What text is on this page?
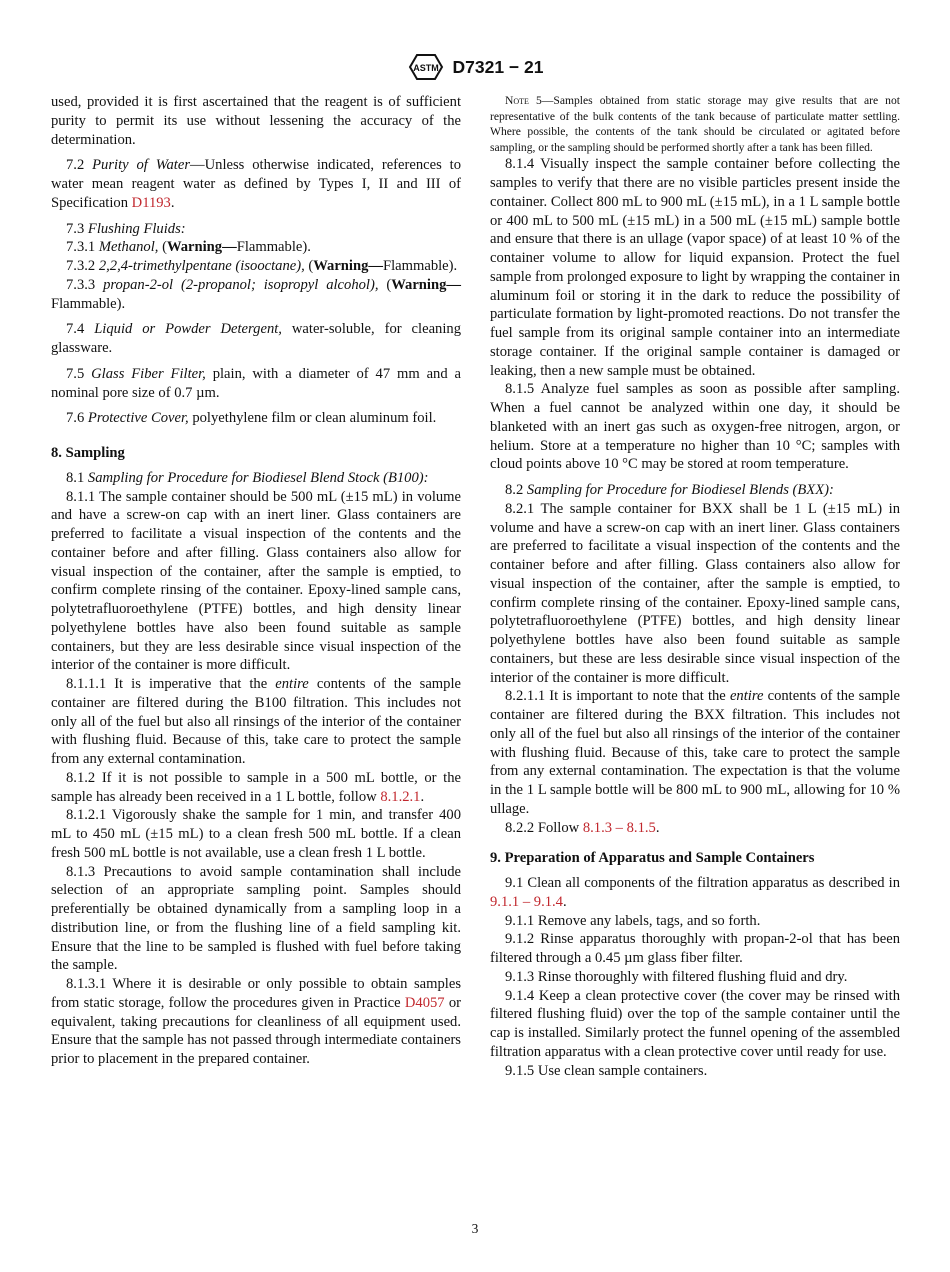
ASTM D7321 − 21

used, provided it is first ascertained that the reagent is of sufficient purity to permit its use without lessening the accuracy of the determination.

7.2 Purity of Water—Unless otherwise indicated, references to water mean reagent water as defined by Types I, II and III of Specification D1193.

7.3 Flushing Fluids:

7.3.1 Methanol, (Warning—Flammable).

7.3.2 2,2,4-trimethylpentane (isooctane), (Warning—Flammable).

7.3.3 propan-2-ol (2-propanol; isopropyl alcohol), (Warning—Flammable).

7.4 Liquid or Powder Detergent, water-soluble, for cleaning glassware.

7.5 Glass Fiber Filter, plain, with a diameter of 47 mm and a nominal pore size of 0.7 µm.

7.6 Protective Cover, polyethylene film or clean aluminum foil.

8. Sampling

8.1 Sampling for Procedure for Biodiesel Blend Stock (B100):

8.1.1 The sample container should be 500 mL (±15 mL) in volume and have a screw-on cap with an inert liner. Glass containers are preferred to facilitate a visual inspection of the contents and the container before and after filling. Glass containers also allow for visual inspection of the container, after the sample is emptied, to confirm complete rinsing of the container. Epoxy-lined sample cans, polytetrafluoroethylene (PTFE) bottles, and high density linear polyethylene bottles have also been found suitable as sample containers, but they are less desirable since visual inspection of the interior of the container is more difficult.

8.1.1.1 It is imperative that the entire contents of the sample container are filtered during the B100 filtration. This includes not only all of the fuel but also all rinsings of the interior of the container with flushing fluid. Because of this, take care to protect the sample from any external contamination.

8.1.2 If it is not possible to sample in a 500 mL bottle, or the sample has already been received in a 1 L bottle, follow 8.1.2.1.

8.1.2.1 Vigorously shake the sample for 1 min, and transfer 400 mL to 450 mL (±15 mL) to a clean fresh 500 mL bottle. If a clean fresh 500 mL bottle is not available, use a clean fresh 1 L bottle.

8.1.3 Precautions to avoid sample contamination shall include selection of an appropriate sampling point. Samples should preferentially be obtained dynamically from a sampling loop in a distribution line, or from the flushing line of a field sampling kit. Ensure that the line to be sampled is flushed with fuel before taking the sample.

8.1.3.1 Where it is desirable or only possible to obtain samples from static storage, follow the procedures given in Practice D4057 or equivalent, taking precautions for cleanliness of all equipment used. Ensure that the sample has not passed through intermediate containers prior to placement in the prepared container.

Note 5—Samples obtained from static storage may give results that are not representative of the bulk contents of the tank because of particulate matter settling. Where possible, the contents of the tank should be circulated or agitated before sampling, or the sampling should be performed shortly after a tank has been filled.

8.1.4 Visually inspect the sample container before collecting the samples to verify that there are no visible particles present inside the container. Collect 800 mL to 900 mL (±15 mL), in a 1 L sample bottle or 400 mL to 500 mL (±15 mL) in a 500 mL (±15 mL) sample bottle and ensure that there is an ullage (vapor space) of at least 10 % of the container volume to allow for liquid expansion. Protect the fuel sample from prolonged exposure to light by wrapping the container in aluminum foil or storing it in the dark to reduce the possibility of particulate formation by light-promoted reactions. Do not transfer the fuel sample from its original sample container into an intermediate storage container. If the original sample container is damaged or leaking, then a new sample must be obtained.

8.1.5 Analyze fuel samples as soon as possible after sampling. When a fuel cannot be analyzed within one day, it should be blanketed with an inert gas such as oxygen-free nitrogen, argon, or helium. Store at a temperature no higher than 10 °C; samples with cloud points above 10 °C may be stored at room temperature.

8.2 Sampling for Procedure for Biodiesel Blends (BXX):

8.2.1 The sample container for BXX shall be 1 L (±15 mL) in volume and have a screw-on cap with an inert liner. Glass containers are preferred to facilitate a visual inspection of the contents and the container before and after filling. Glass containers also allow for visual inspection of the container, after the sample is emptied, to confirm complete rinsing of the container. Epoxy-lined sample cans, polytetrafluoroethylene (PTFE) bottles, and high density linear polyethylene bottles have also been found suitable as sample containers, but these are less desirable since visual inspection of the interior of the container is more difficult.

8.2.1.1 It is important to note that the entire contents of the sample container are filtered during the BXX filtration. This includes not only all of the fuel but also all rinsings of the interior of the container with flushing fluid. Because of this, take care to protect the sample from any external contamination. The expectation is that the volume in the 1 L sample bottle will be 800 mL to 900 mL, allowing for 10 % ullage.

8.2.2 Follow 8.1.3 – 8.1.5.

9. Preparation of Apparatus and Sample Containers

9.1 Clean all components of the filtration apparatus as described in 9.1.1 – 9.1.4.

9.1.1 Remove any labels, tags, and so forth.

9.1.2 Rinse apparatus thoroughly with propan-2-ol that has been filtered through a 0.45 µm glass fiber filter.

9.1.3 Rinse thoroughly with filtered flushing fluid and dry.

9.1.4 Keep a clean protective cover (the cover may be rinsed with filtered flushing fluid) over the top of the sample container until the cap is installed. Similarly protect the funnel opening of the assembled filtration apparatus with a clean protective cover until ready for use.

9.1.5 Use clean sample containers.

3
